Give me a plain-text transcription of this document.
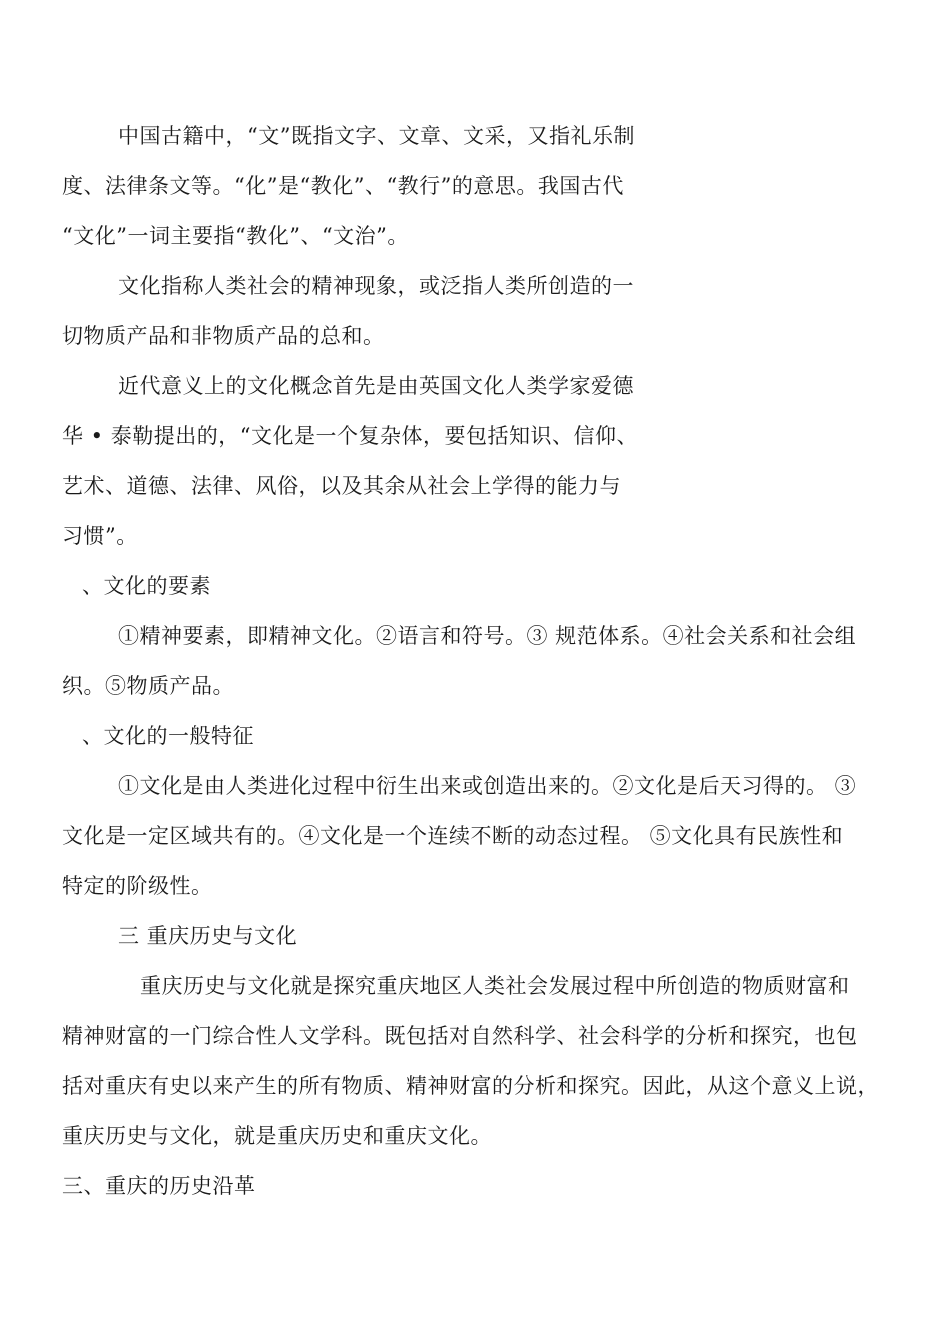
中国古籍中，“文”既指文字、文章、文采，又指礼乐制
度、法律条文等。“化”是“教化”、“教行”的意思。我国古代
“文化”一词主要指“教化”、“文治”。
文化指称人类社会的精神现象，或泛指人类所创造的一
切物质产品和非物质产品的总和。
近代意义上的文化概念首先是由英国文化人类学家爱德
华 • 泰勒提出的，“文化是一个复杂体，要包括知识、信仰、
艺术、道德、法律、风俗，以及其余从社会上学得的能力与
习惯”。
、文化的要素
①精神要素，即精神文化。②语言和符号。③ 规范体系。④社会关系和社会组
织。⑤物质产品。
、文化的一般特征
①文化是由人类进化过程中衍生出来或创造出来的。②文化是后天习得的。 ③
文化是一定区域共有的。④文化是一个连续不断的动态过程。 ⑤文化具有民族性和
特定的阶级性。
三 重庆历史与文化
重庆历史与文化就是探究重庆地区人类社会发展过程中所创造的物质财富和
精神财富的一门综合性人文学科。既包括对自然科学、社会科学的分析和探究，也包
括对重庆有史以来产生的所有物质、精神财富的分析和探究。因此，从这个意义上说，
重庆历史与文化，就是重庆历史和重庆文化。
三、重庆的历史沿革
